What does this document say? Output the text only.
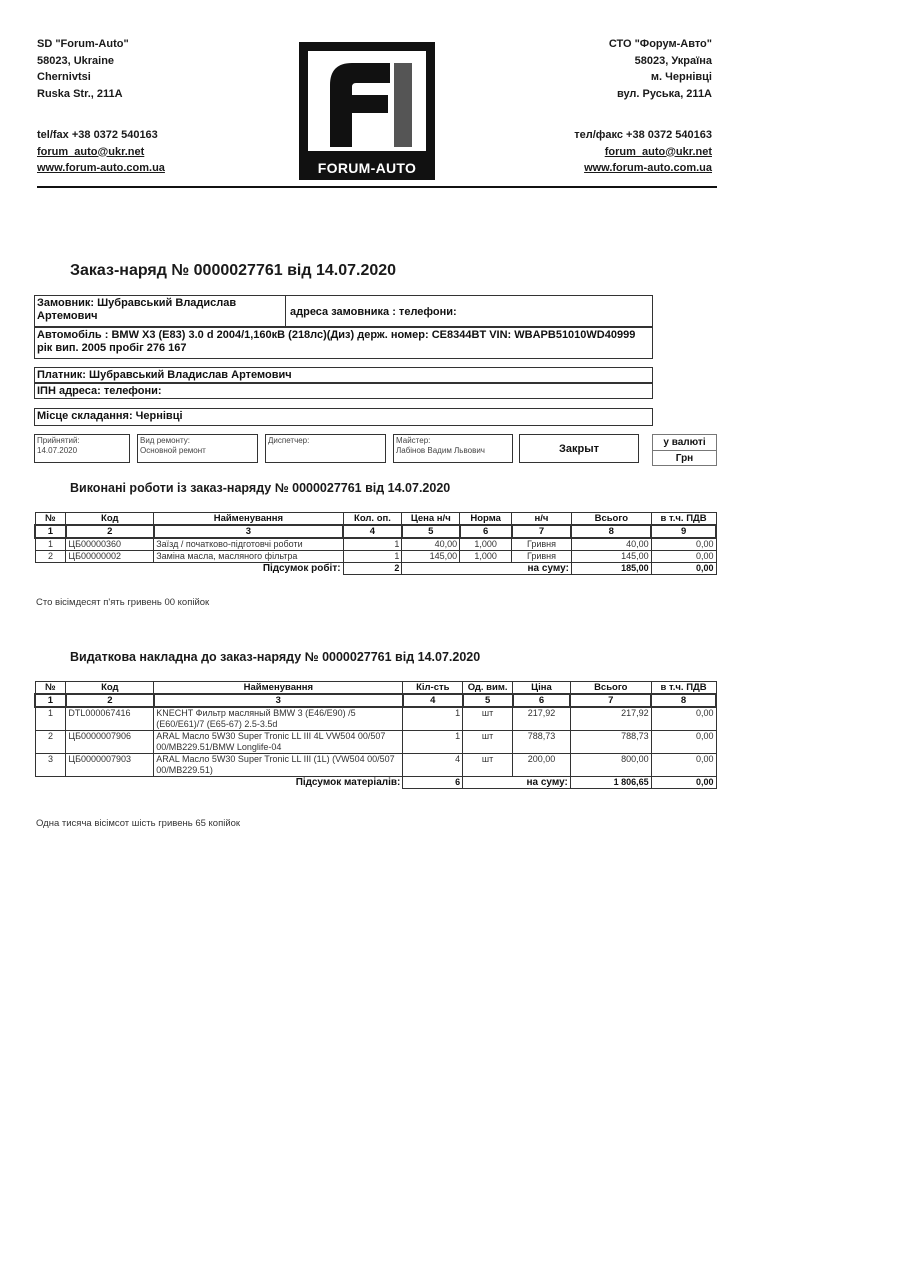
SD "Forum-Auto"
58023, Ukraine
Chernivtsi
Ruska Str., 211A
tel/fax +38 0372 540163
forum_auto@ukr.net
www.forum-auto.com.ua	FORUM-AUTO
СТО "Форум-Авто"
58023, Україна
м. Чернівці
вул. Руська, 211А
тел/факс +38 0372 540163
forum_auto@ukr.net
www.forum-auto.com.ua
Заказ-наряд № 0000027761 від 14.07.2020
Замовник: Шубравський Владислав Артемович	адреса замовника : телефони:
Автомобіль : BMW X3 (E83) 3.0 d 2004/1,160кВ (218лс)(Диз) держ. номер: CE8344BT VIN: WBAPB51010WD40999 рік вип. 2005 пробіг 276 167
Платник: Шубравський Владислав Артемович
ІПН адреса: телефони:
Місце складання: Чернівці
Прийнятий:
14.07.2020
Вид ремонту:
Основной ремонт
Диспетчер:	Майстер:
Лабінов Вадим Львович	Закрыт	у валюті
Грн
Виконані роботи із заказ-наряду № 0000027761 від 14.07.2020
№	Код	Найменування	Кол. оп.	Цена н/ч	Норма	н/ч	Всього	в т.ч. ПДВ
1	2	3	4	5	6	7	8	9
1	ЦБ00000360	Заїзд / початково-підготовчі роботи	1	40,00	1,000	Гривня	40,00	0,00
2	ЦБ00000002	Заміна масла, масляного фільтра	1	145,00	1,000	Гривня	145,00	0,00
Підсумок робіт:			2	на суму:			185,00	0,00
Сто вісімдесят п'ять гривень 00 копійок
Видаткова накладна до заказ-наряду № 0000027761 від 14.07.2020
№	Код	Найменування	Кіл-сть	Од. вим.	Ціна	Всього	в т.ч. ПДВ
1	2	3	4	5	6	7	8
1	DTL000067416	KNECHT Фильтр масляный BMW 3 (E46/E90) /5 (E60/E61)/7 (E65-67) 2.5-3.5d	1	шт	217,92	217,92	0,00
2	ЦБ0000007906	ARAL Масло 5W30 Super Tronic LL III 4L VW504 00/507 00/MB229.51/BMW Longlife-04	1	шт	788,73	788,73	0,00
3	ЦБ0000007903	ARAL Масло 5W30 Super Tronic LL III (1L) (VW504 00/507 00/MB229.51)	4	шт	200,00	800,00	0,00
Підсумок матеріалів:			6	на суму:		1 806,65	0,00
Одна тисяча вісімсот шість гривень 65 копійок
